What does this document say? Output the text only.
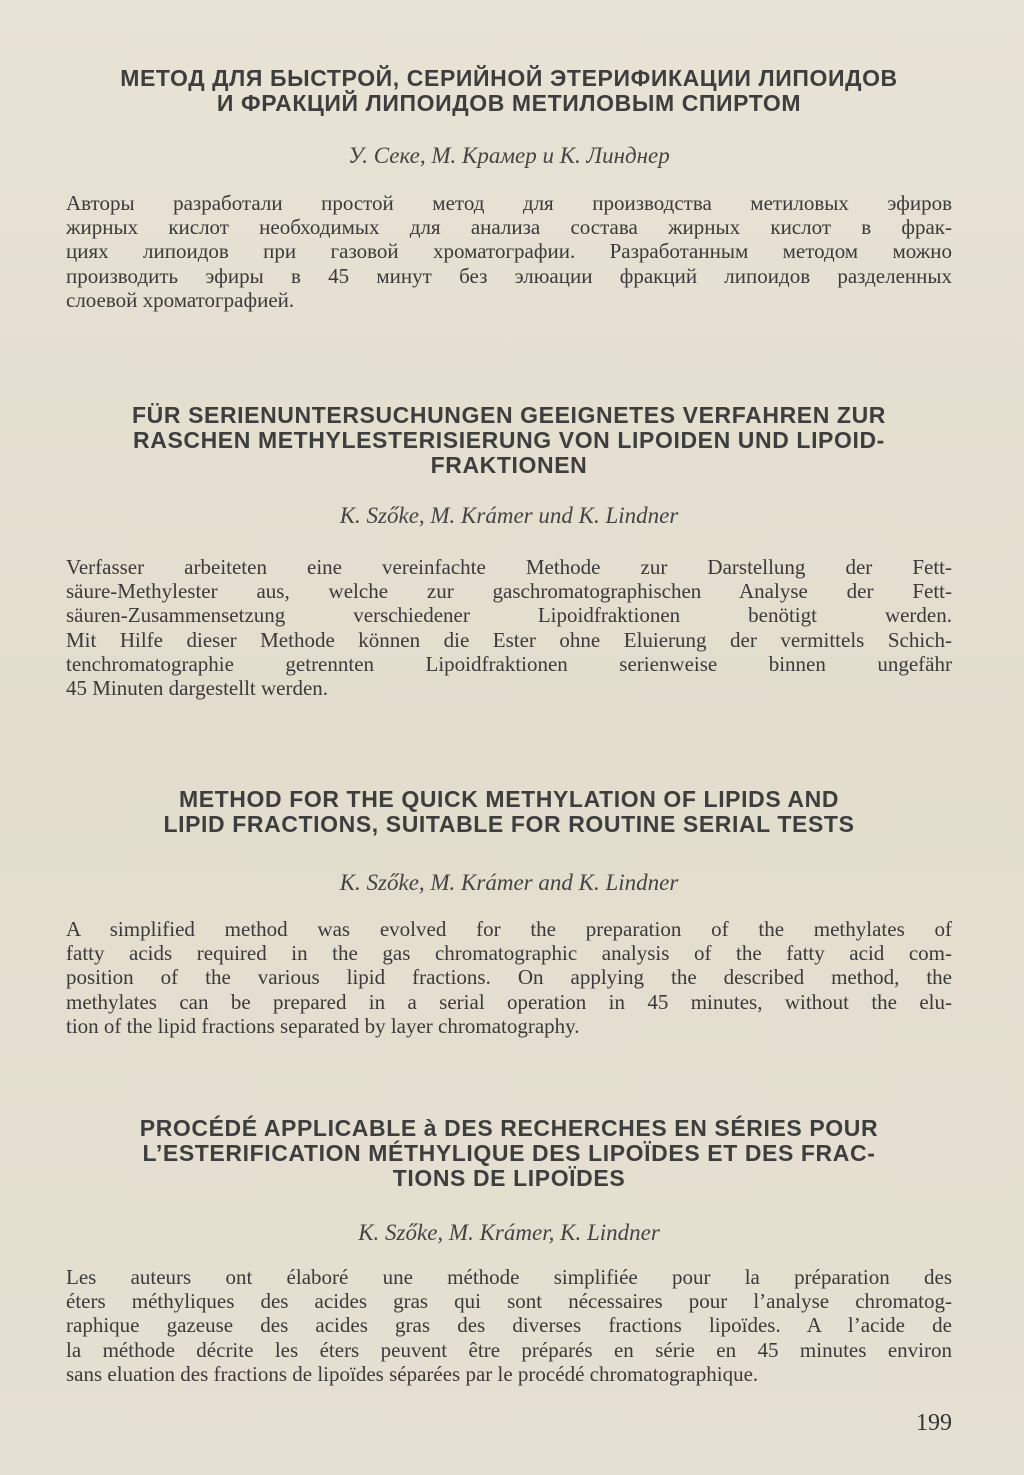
МЕТОД ДЛЯ БЫСТРОЙ, СЕРИЙНОЙ ЭТЕРИФИКАЦИИ ЛИПОИДОВ
И ФРАКЦИЙ ЛИПОИДОВ МЕТИЛОВЫМ СПИРТОМ

У. Секе, М. Крамер и К. Линднер

Авторы разработали простой метод для производства метиловых эфиров
жирных кислот необходимых для анализа состава жирных кислот в фрак-
циях липоидов при газовой хроматографии. Разработанным методом можно
производить эфиры в 45 минут без элюации фракций липоидов разделенных
слоевой хроматографией.
FÜR SERIENUNTERSUCHUNGEN GEEIGNETES VERFAHREN ZUR
RASCHEN METHYLESTERISIERUNG VON LIPOIDEN UND LIPOID-
FRAKTIONEN

K. Szőke, M. Krámer und K. Lindner

Verfasser arbeiteten eine vereinfachte Methode zur Darstellung der Fett-
säure-Methylester aus, welche zur gaschromatographischen Analyse der Fett-
säuren-Zusammensetzung verschiedener Lipoidfraktionen benötigt werden.
Mit Hilfe dieser Methode können die Ester ohne Eluierung der vermittels Schich-
tenchromatographie getrennten Lipoidfraktionen serienweise binnen ungefähr
45 Minuten dargestellt werden.
METHOD FOR THE QUICK METHYLATION OF LIPIDS AND
LIPID FRACTIONS, SUITABLE FOR ROUTINE SERIAL TESTS

K. Szőke, M. Krámer and K. Lindner

A simplified method was evolved for the preparation of the methylates of
fatty acids required in the gas chromatographic analysis of the fatty acid com-
position of the various lipid fractions. On applying the described method, the
methylates can be prepared in a serial operation in 45 minutes, without the elu-
tion of the lipid fractions separated by layer chromatography.
PROCÉDÉ APPLICABLE à DES RECHERCHES EN SÉRIES POUR
L’ESTERIFICATION MÉTHYLIQUE DES LIPOÏDES ET DES FRAC-
TIONS DE LIPOÏDES

K. Szőke, M. Krámer, K. Lindner

Les auteurs ont élaboré une méthode simplifiée pour la préparation des
éters méthyliques des acides gras qui sont nécessaires pour l’analyse chromatog-
raphique gazeuse des acides gras des diverses fractions lipoïdes. A l’acide de
la méthode décrite les éters peuvent être préparés en série en 45 minutes environ
sans eluation des fractions de lipoïdes séparées par le procédé chromatographique.

199
